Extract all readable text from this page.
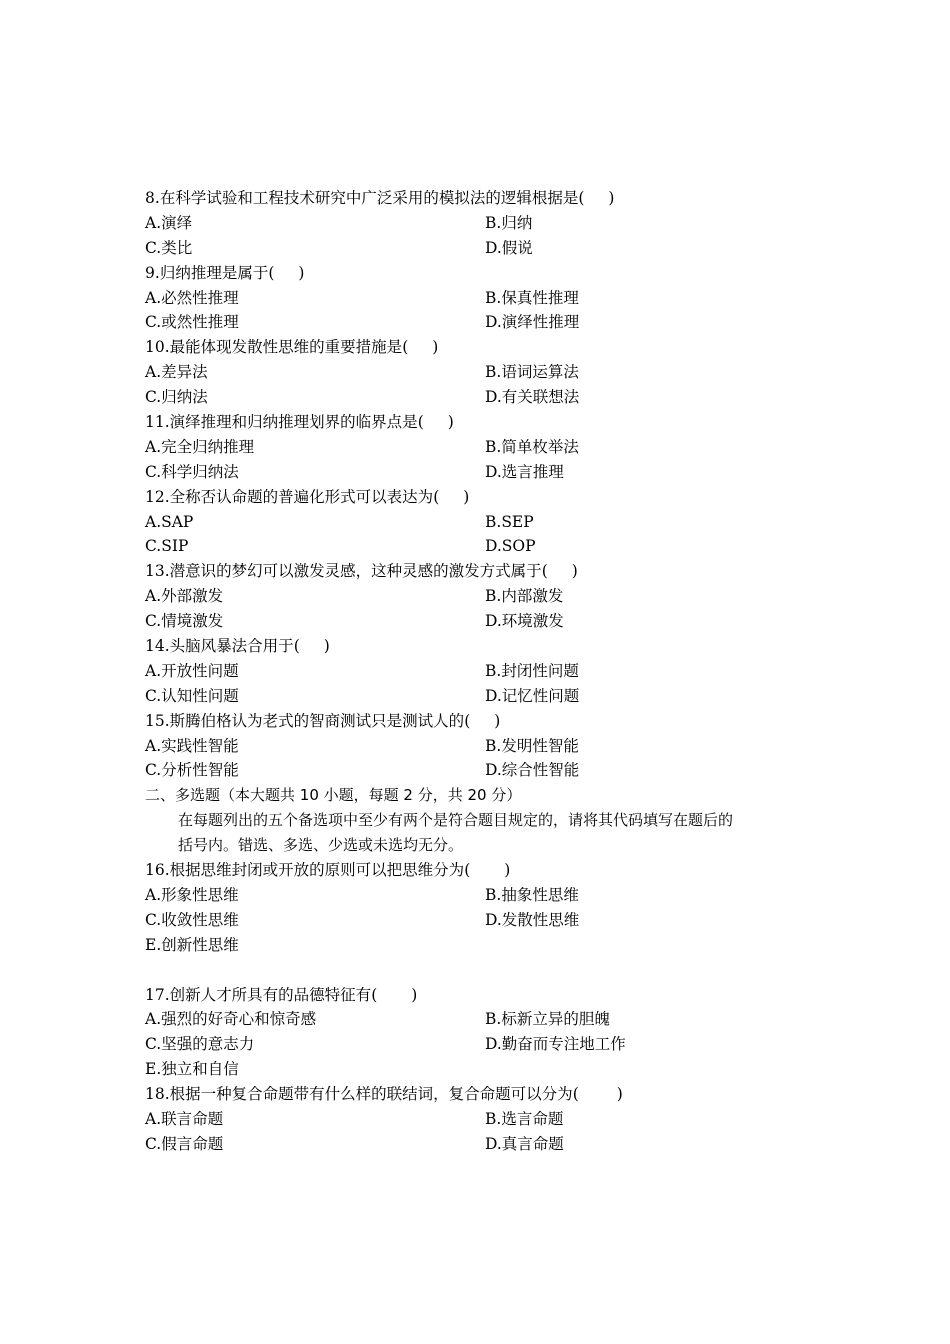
8.在科学试验和工程技术研究中广泛采用的模拟法的逻辑根据是( )
A.演绎	B.归纳
C.类比	D.假说
9.归纳推理是属于( )
A.必然性推理	B.保真性推理
C.或然性推理	D.演绎性推理
10.最能体现发散性思维的重要措施是( )
A.差异法	B.语词运算法
C.归纳法	D.有关联想法
11.演绎推理和归纳推理划界的临界点是( )
A.完全归纳推理	B.简单枚举法
C.科学归纳法	D.选言推理
12.全称否认命题的普遍化形式可以表达为( )
A.SAP	B.SEP
C.SIP	D.SOP
13.潜意识的梦幻可以激发灵感，这种灵感的激发方式属于( )
A.外部激发	B.内部激发
C.情境激发	D.环境激发
14.头脑风暴法合用于( )
A.开放性问题	B.封闭性问题
C.认知性问题	D.记忆性问题
15.斯腾伯格认为老式的智商测试只是测试人的( )
A.实践性智能	B.发明性智能
C.分析性智能	D.综合性智能
二、多选题（本大题共 10 小题，每题 2 分，共 20 分）
在每题列出的五个备选项中至少有两个是符合题目规定的，请将其代码填写在题后的
括号内。错选、多选、少选或未选均无分。
16.根据思维封闭或开放的原则可以把思维分为( )
A.形象性思维	B.抽象性思维
C.收敛性思维	D.发散性思维
E.创新性思维
17.创新人才所具有的品德特征有( )
A.强烈的好奇心和惊奇感	B.标新立异的胆魄
C.坚强的意志力	D.勤奋而专注地工作
E.独立和自信
18.根据一种复合命题带有什么样的联结词，复合命题可以分为( )
A.联言命题	B.选言命题
C.假言命题	D.真言命题
